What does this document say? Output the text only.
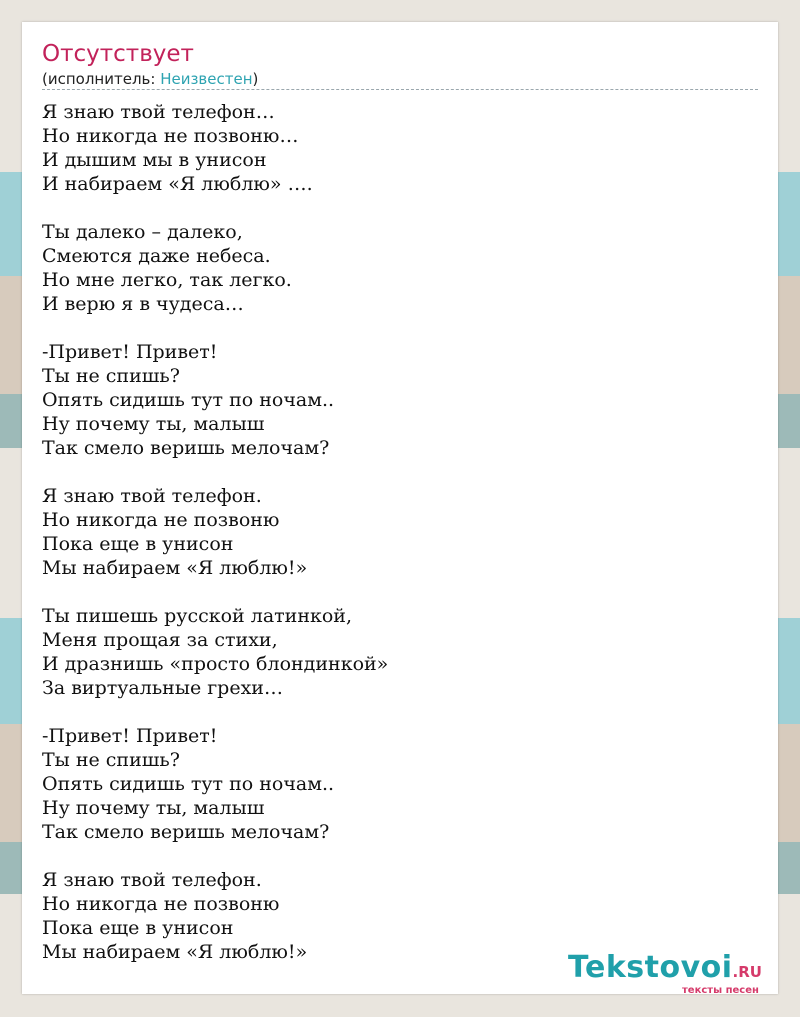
Отсутствует
(исполнитель: Неизвестен)
Я знаю твой телефон…
Но никогда не позвоню…
И дышим мы в унисон
И набираем «Я люблю» ….
Ты далеко – далеко,
Смеются даже небеса.
Но мне легко, так легко.
И верю я в чудеса…
-Привет! Привет!
Ты не спишь?
Опять сидишь тут по ночам..
Ну почему ты, малыш
Так смело веришь мелочам?
Я знаю твой телефон.
Но никогда не позвоню
Пока еще в унисон
Мы набираем «Я люблю!»
Ты пишешь русской латинкой,
Меня прощая за стихи,
И дразнишь «просто блондинкой»
За виртуальные грехи…
-Привет! Привет!
Ты не спишь?
Опять сидишь тут по ночам..
Ну почему ты, малыш
Так смело веришь мелочам?
Я знаю твой телефон.
Но никогда не позвоню
Пока еще в унисон
Мы набираем «Я люблю!»	Tekstovoi.RU
тексты песен
